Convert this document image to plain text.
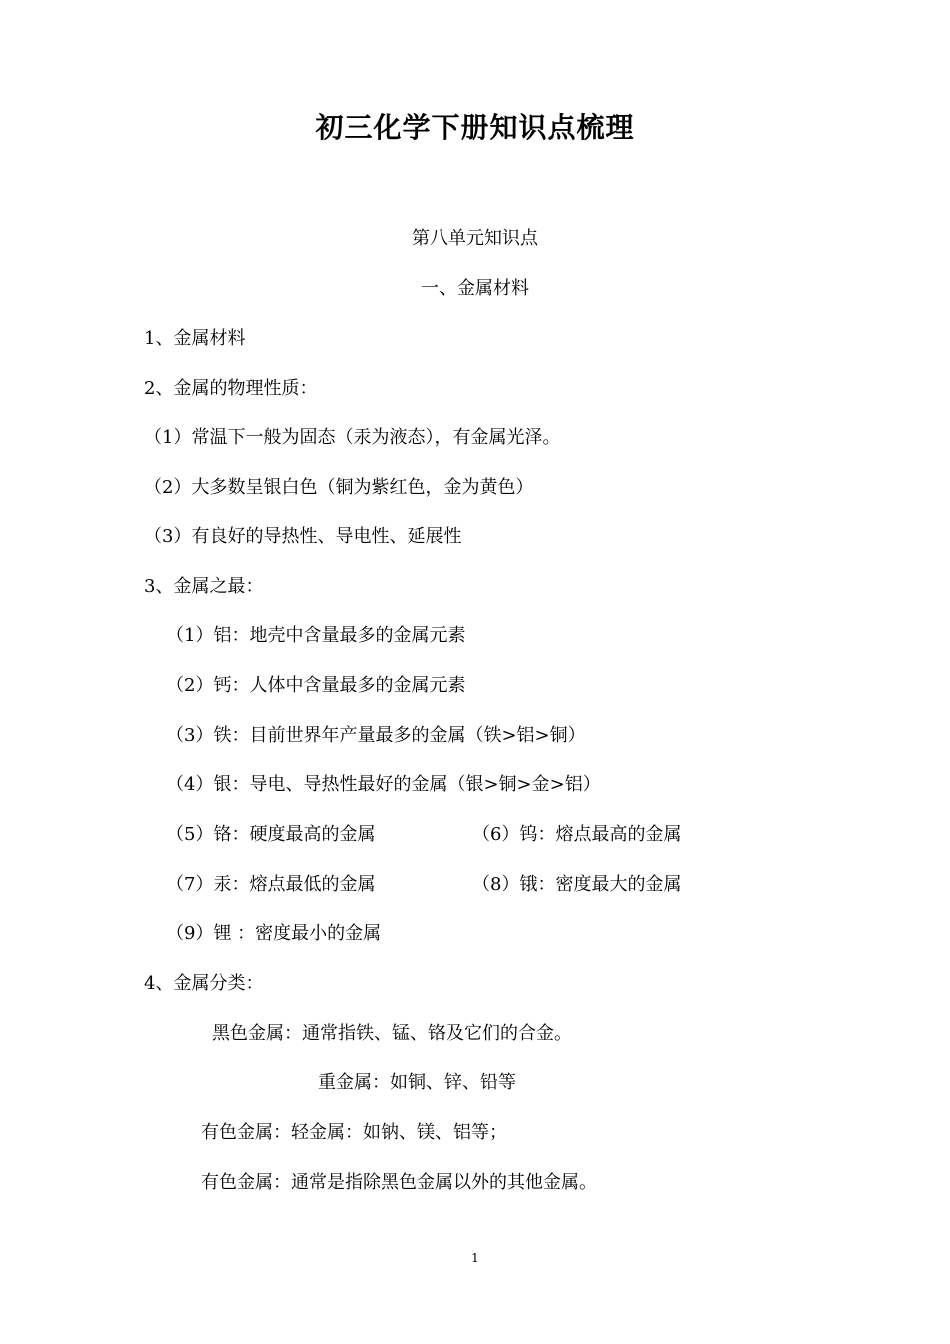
初三化学下册知识点梳理
第八单元知识点
一、金属材料
1、金属材料
2、金属的物理性质：
（1）常温下一般为固态（汞为液态），有金属光泽。
（2）大多数呈银白色（铜为紫红色，金为黄色）
（3）有良好的导热性、导电性、延展性
3、金属之最：
（1）铝：地壳中含量最多的金属元素
（2）钙：人体中含量最多的金属元素
（3）铁：目前世界年产量最多的金属（铁>铝>铜）
（4）银：导电、导热性最好的金属（银>铜>金>铝）
（5）铬：硬度最高的金属	（6）钨：熔点最高的金属
（7）汞：熔点最低的金属	（8）锇：密度最大的金属
（9）锂 ：密度最小的金属
4、金属分类：
黑色金属：通常指铁、锰、铬及它们的合金。
重金属：如铜、锌、铅等
有色金属：轻金属：如钠、镁、铝等；
有色金属：通常是指除黑色金属以外的其他金属。
1
